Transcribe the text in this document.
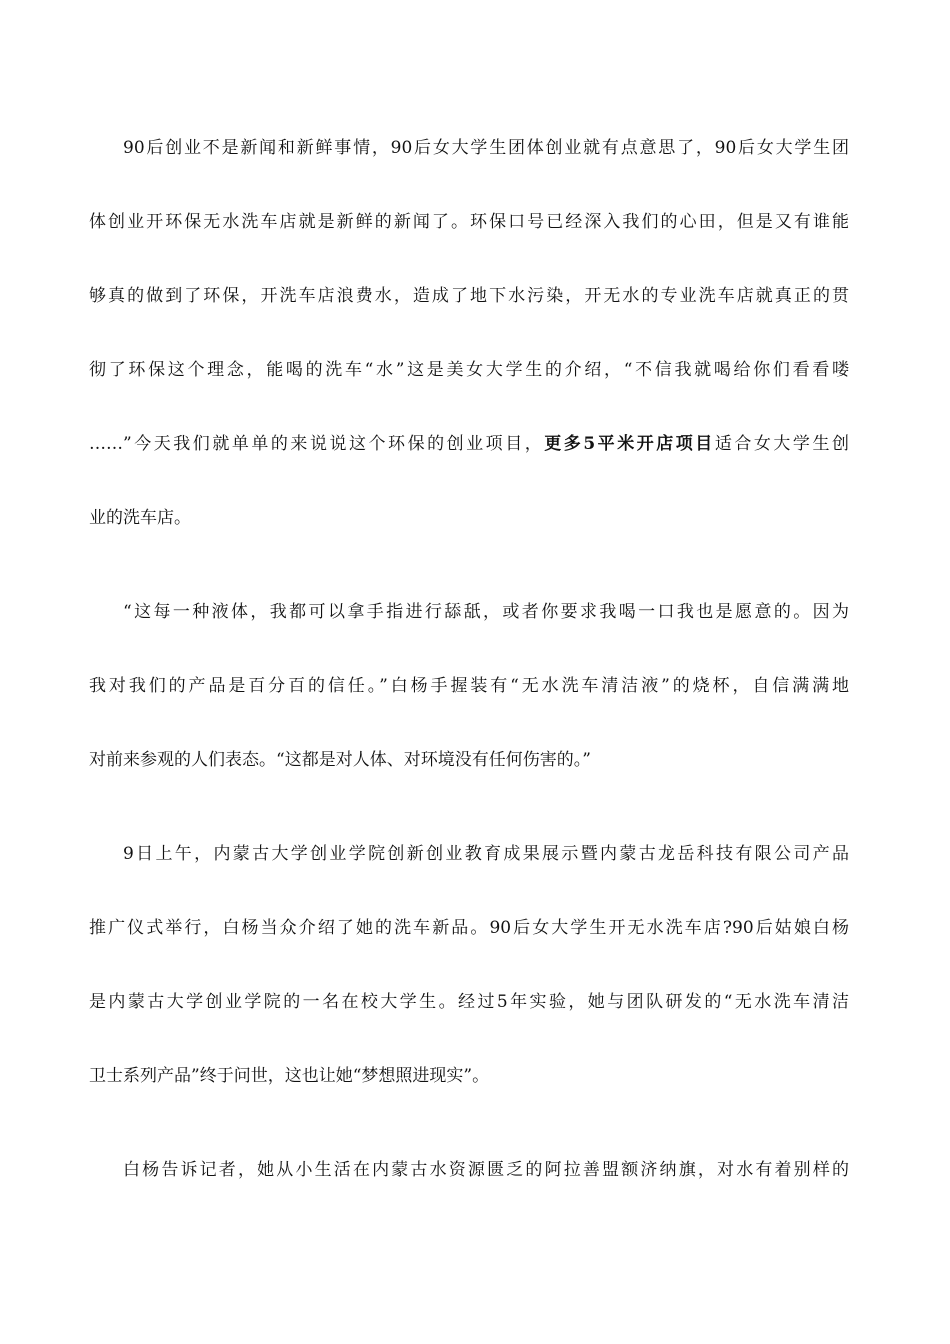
90后创业不是新闻和新鲜事情，90后女大学生团体创业就有点意思了，90后女大学生团
体创业开环保无水洗车店就是新鲜的新闻了。环保口号已经深入我们的心田，但是又有谁能
够真的做到了环保，开洗车店浪费水，造成了地下水污染，开无水的专业洗车店就真正的贯
彻了环保这个理念，能喝的洗车“水”这是美女大学生的介绍，“不信我就喝给你们看看喽
……”今天我们就单单的来说说这个环保的创业项目，更多5平米开店项目适合女大学生创
业的洗车店。
“这每一种液体，我都可以拿手指进行舔舐，或者你要求我喝一口我也是愿意的。因为
我对我们的产品是百分百的信任。”白杨手握装有“无水洗车清洁液”的烧杯，自信满满地
对前来参观的人们表态。“这都是对人体、对环境没有任何伤害的。”
9日上午，内蒙古大学创业学院创新创业教育成果展示暨内蒙古龙岳科技有限公司产品
推广仪式举行，白杨当众介绍了她的洗车新品。90后女大学生开无水洗车店?90后姑娘白杨
是内蒙古大学创业学院的一名在校大学生。经过5年实验，她与团队研发的“无水洗车清洁
卫士系列产品”终于问世，这也让她“梦想照进现实”。
白杨告诉记者，她从小生活在内蒙古水资源匮乏的阿拉善盟额济纳旗，对水有着别样的
